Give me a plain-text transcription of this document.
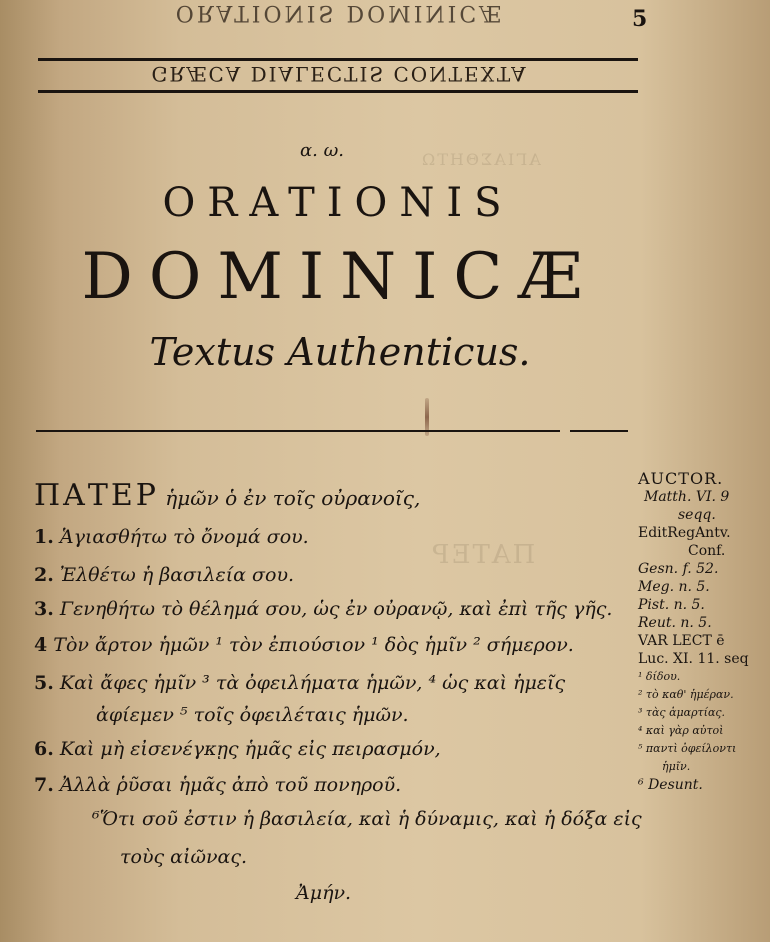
ΠΑΤΕΡ
ΑΓΙΑΣΘΗΤΩ
ORATIONIS DOMINICÆ	5
GRÆCA DIALECTIS CONTEXTA
α. ω.
ORATIONIS
DOMINICÆ
Textus Authenticus.
ΠΑΤΕΡ ἡμῶν ὁ ἐν τοῖς οὐρανοῖς,
1. Ἁγιασθήτω τὸ ὄνομά σου.
2. Ἐλθέτω ἡ βασιλεία σου.
3. Γενηθήτω τὸ θέλημά σου, ὡς ἐν οὐρανῷ, καὶ ἐπὶ τῆς γῆς.
4 Τὸν ἄρτον ἡμῶν ¹ τὸν ἐπιούσιον ¹ δὸς ἡμῖν ² σήμερον.
5. Καὶ ἄφες ἡμῖν ³ τὰ ὀφειλήματα ἡμῶν, ⁴ ὡς καὶ ἡμεῖς
ἀφίεμεν ⁵ τοῖς ὀφειλέταις ἡμῶν.
6. Καὶ μὴ εἰσενέγκῃς ἡμᾶς εἰς πειρασμόν,
7. Ἀλλὰ ῥῦσαι ἡμᾶς ἀπὸ τοῦ πονηροῦ.
⁶Ὅτι σοῦ ἐστιν ἡ βασιλεία, καὶ ἡ δύναμις, καὶ ἡ δόξα εἰς
τοὺς αἰῶνας.
Ἀμήν.
AUCTOR.
Matth. VI. 9
seqq.
EditRegAntv.
Conf.
Gesn. f. 52.
Meg. n. 5.
Pist. n. 5.
Reut. n. 5.
VAR LECT ē
Luc. XI. 11. seq
¹ δίδου.
² τὸ καθ' ἡμέραν.
³ τὰς ἁμαρτίας.
⁴ καὶ γὰρ αὐτοὶ
⁵ παντὶ ὀφείλοντι
ἡμῖν.
⁶ Desunt.
